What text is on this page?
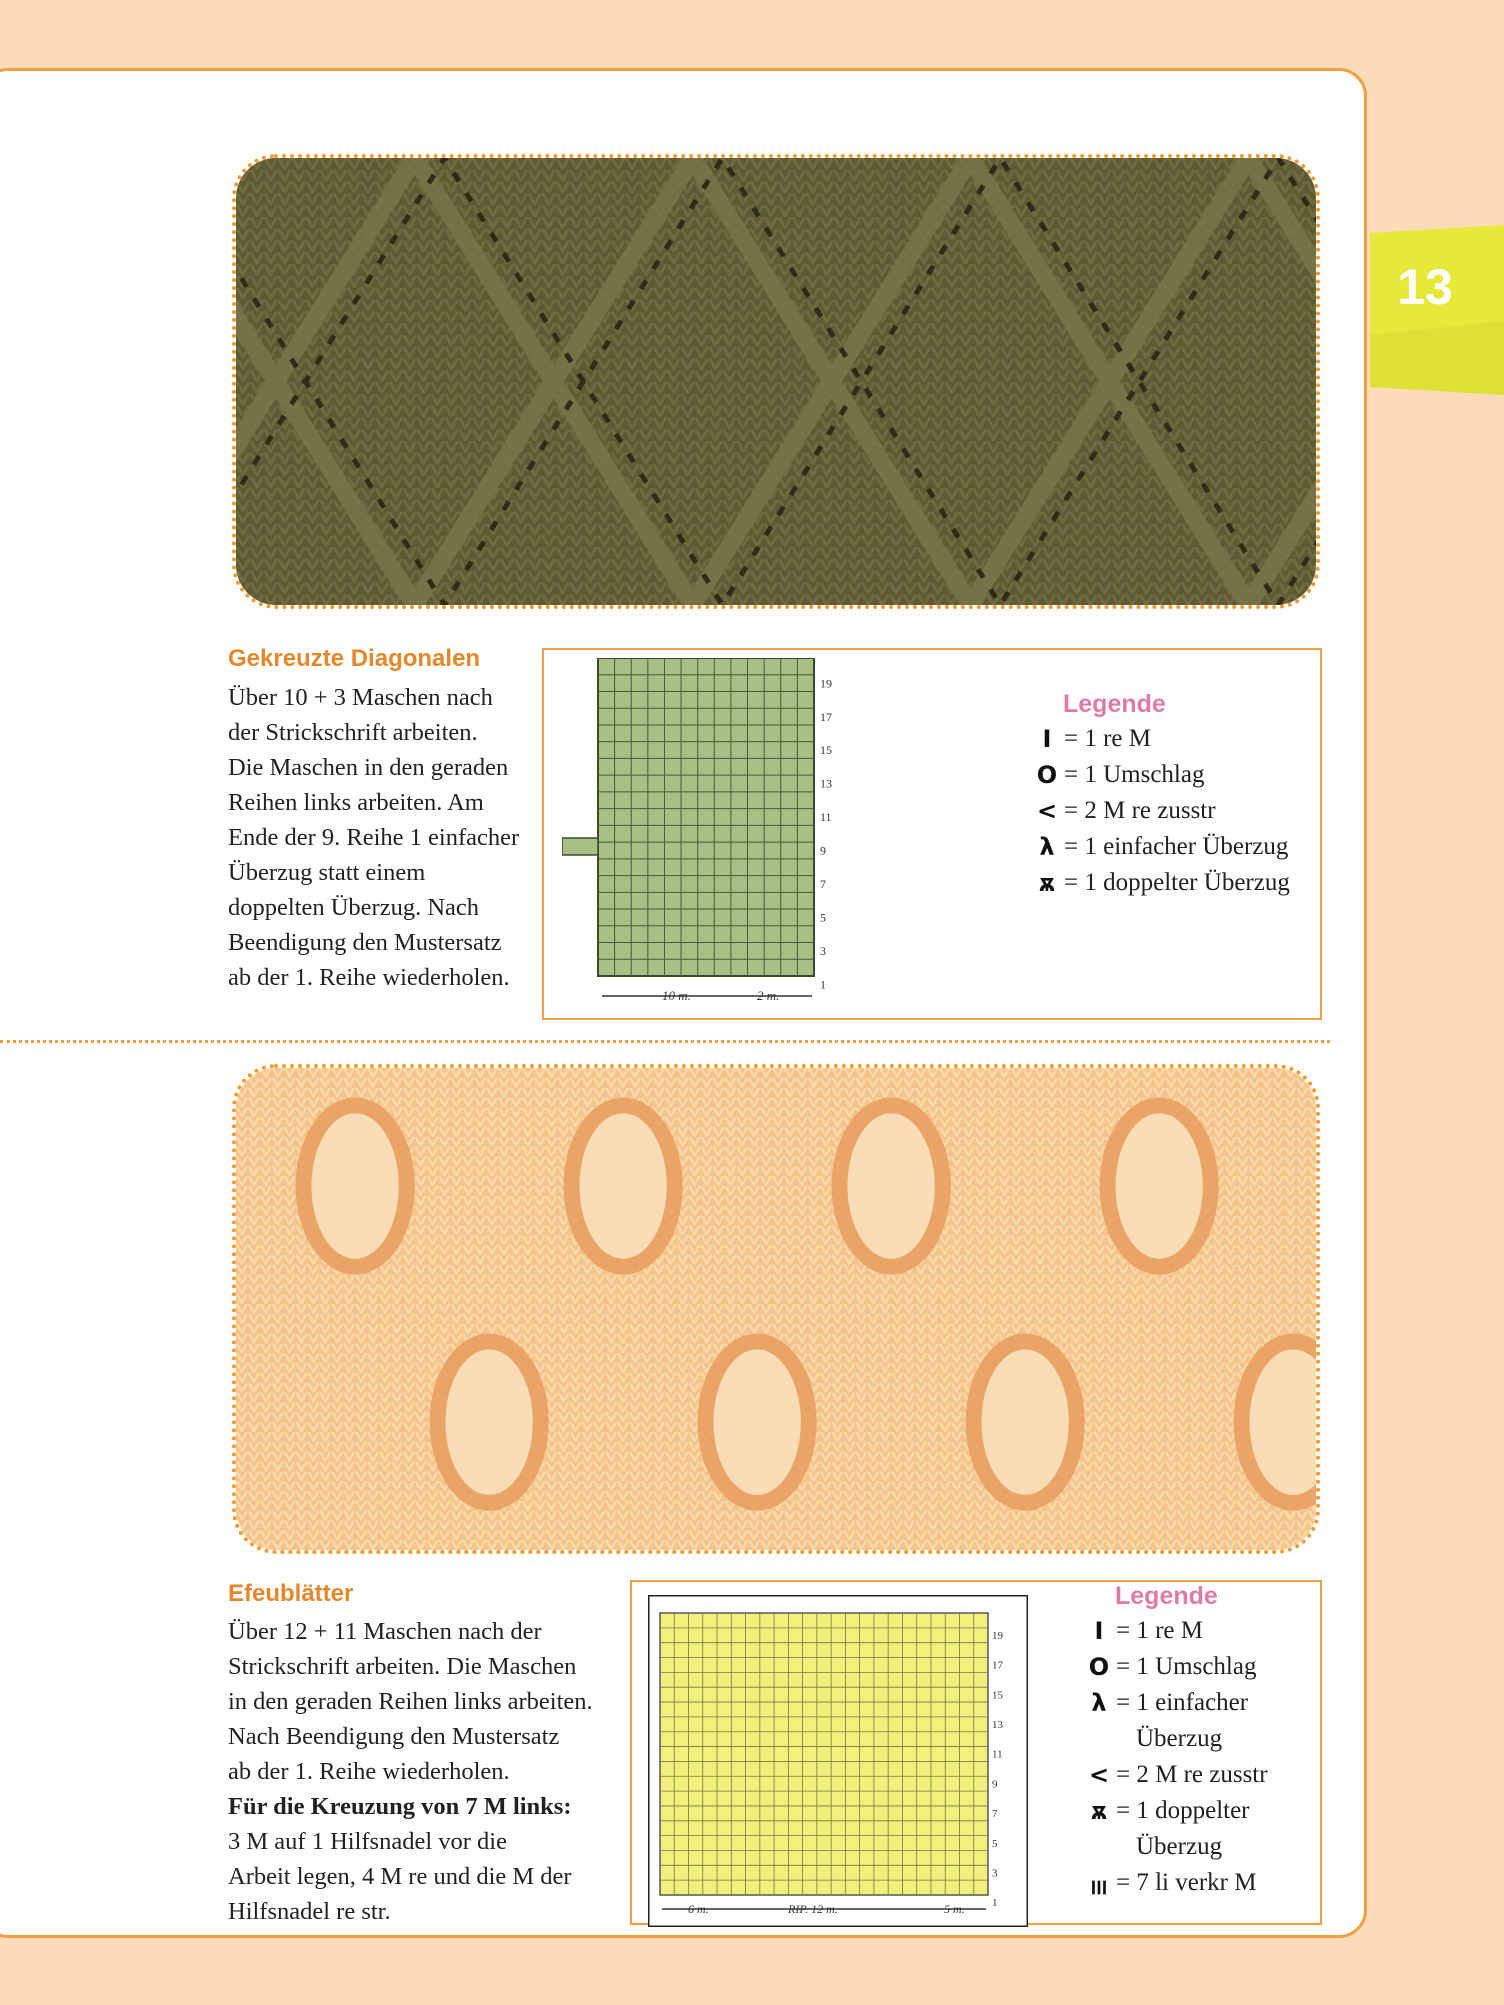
13
Gekreuzte Diagonalen
Über 10 + 3 Maschen nach
der Strickschrift arbeiten.
Die Maschen in den geraden
Reihen links arbeiten. Am
Ende der 9. Reihe 1 einfacher
Überzug statt einem
doppelten Überzug. Nach
Beendigung den Mustersatz
ab der 1. Reihe wiederholen.
19
17
15
13
11
9
7
5
3
1
10 m.	2 m.
Legende
I = 1 re M
O = 1 Umschlag
< = 2 M re zusstr
λ = 1 einfacher Überzug
ѫ = 1 doppelter Überzug
Efeublätter
Über 12 + 11 Maschen nach der
Strickschrift arbeiten. Die Maschen
in den geraden Reihen links arbeiten.
Nach Beendigung den Mustersatz
ab der 1. Reihe wiederholen.
Für die Kreuzung von 7 M links:
3 M auf 1 Hilfsnadel vor die
Arbeit legen, 4 M re und die M der
Hilfsnadel re str.
19
17
15
13
11
9
7
5
3
1
6 m.	RIP. 12 m.	5 m.
Legende
I = 1 re M
O = 1 Umschlag
λ = 1 einfacher
Überzug
< = 2 M re zusstr
ѫ = 1 doppelter
Überzug
ⲽ = 7 li verkr M
